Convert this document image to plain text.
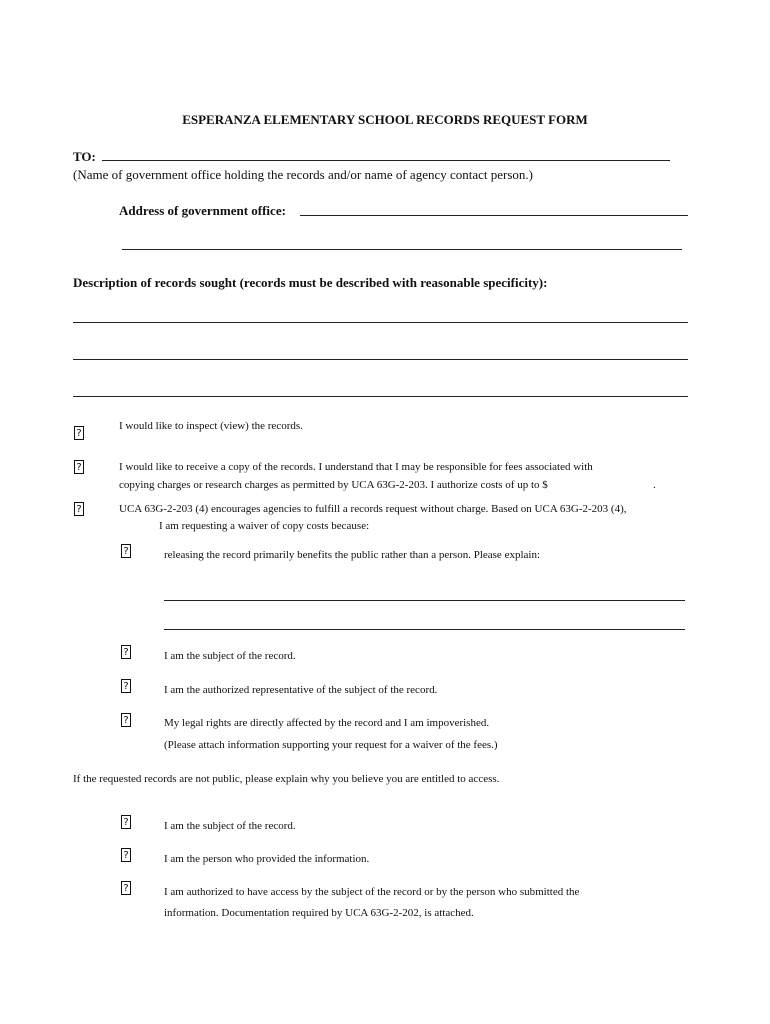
ESPERANZA ELEMENTARY SCHOOL RECORDS REQUEST FORM
TO:
(Name of government office holding the records and/or name of agency contact person.)
Address of government office:
Description of records sought (records must be described with reasonable specificity):
?
I would like to inspect (view) the records.
?	I would like to receive a copy of the records. I understand that I may be responsible for fees associated with
copying charges or research charges as permitted by UCA 63G-2-203. I authorize costs of up to $	.
?	UCA 63G-2-203 (4) encourages agencies to fulfill a records request without charge. Based on UCA 63G-2-203 (4),
I am requesting a waiver of copy costs because:
?	releasing the record primarily benefits the public rather than a person. Please explain:
?	I am the subject of the record.
?	I am the authorized representative of the subject of the record.
?	My legal rights are directly affected by the record and I am impoverished.
(Please attach information supporting your request for a waiver of the fees.)
If the requested records are not public, please explain why you believe you are entitled to access.
?	I am the subject of the record.
?	I am the person who provided the information.
?	I am authorized to have access by the subject of the record or by the person who submitted the
information. Documentation required by UCA 63G-2-202, is attached.
